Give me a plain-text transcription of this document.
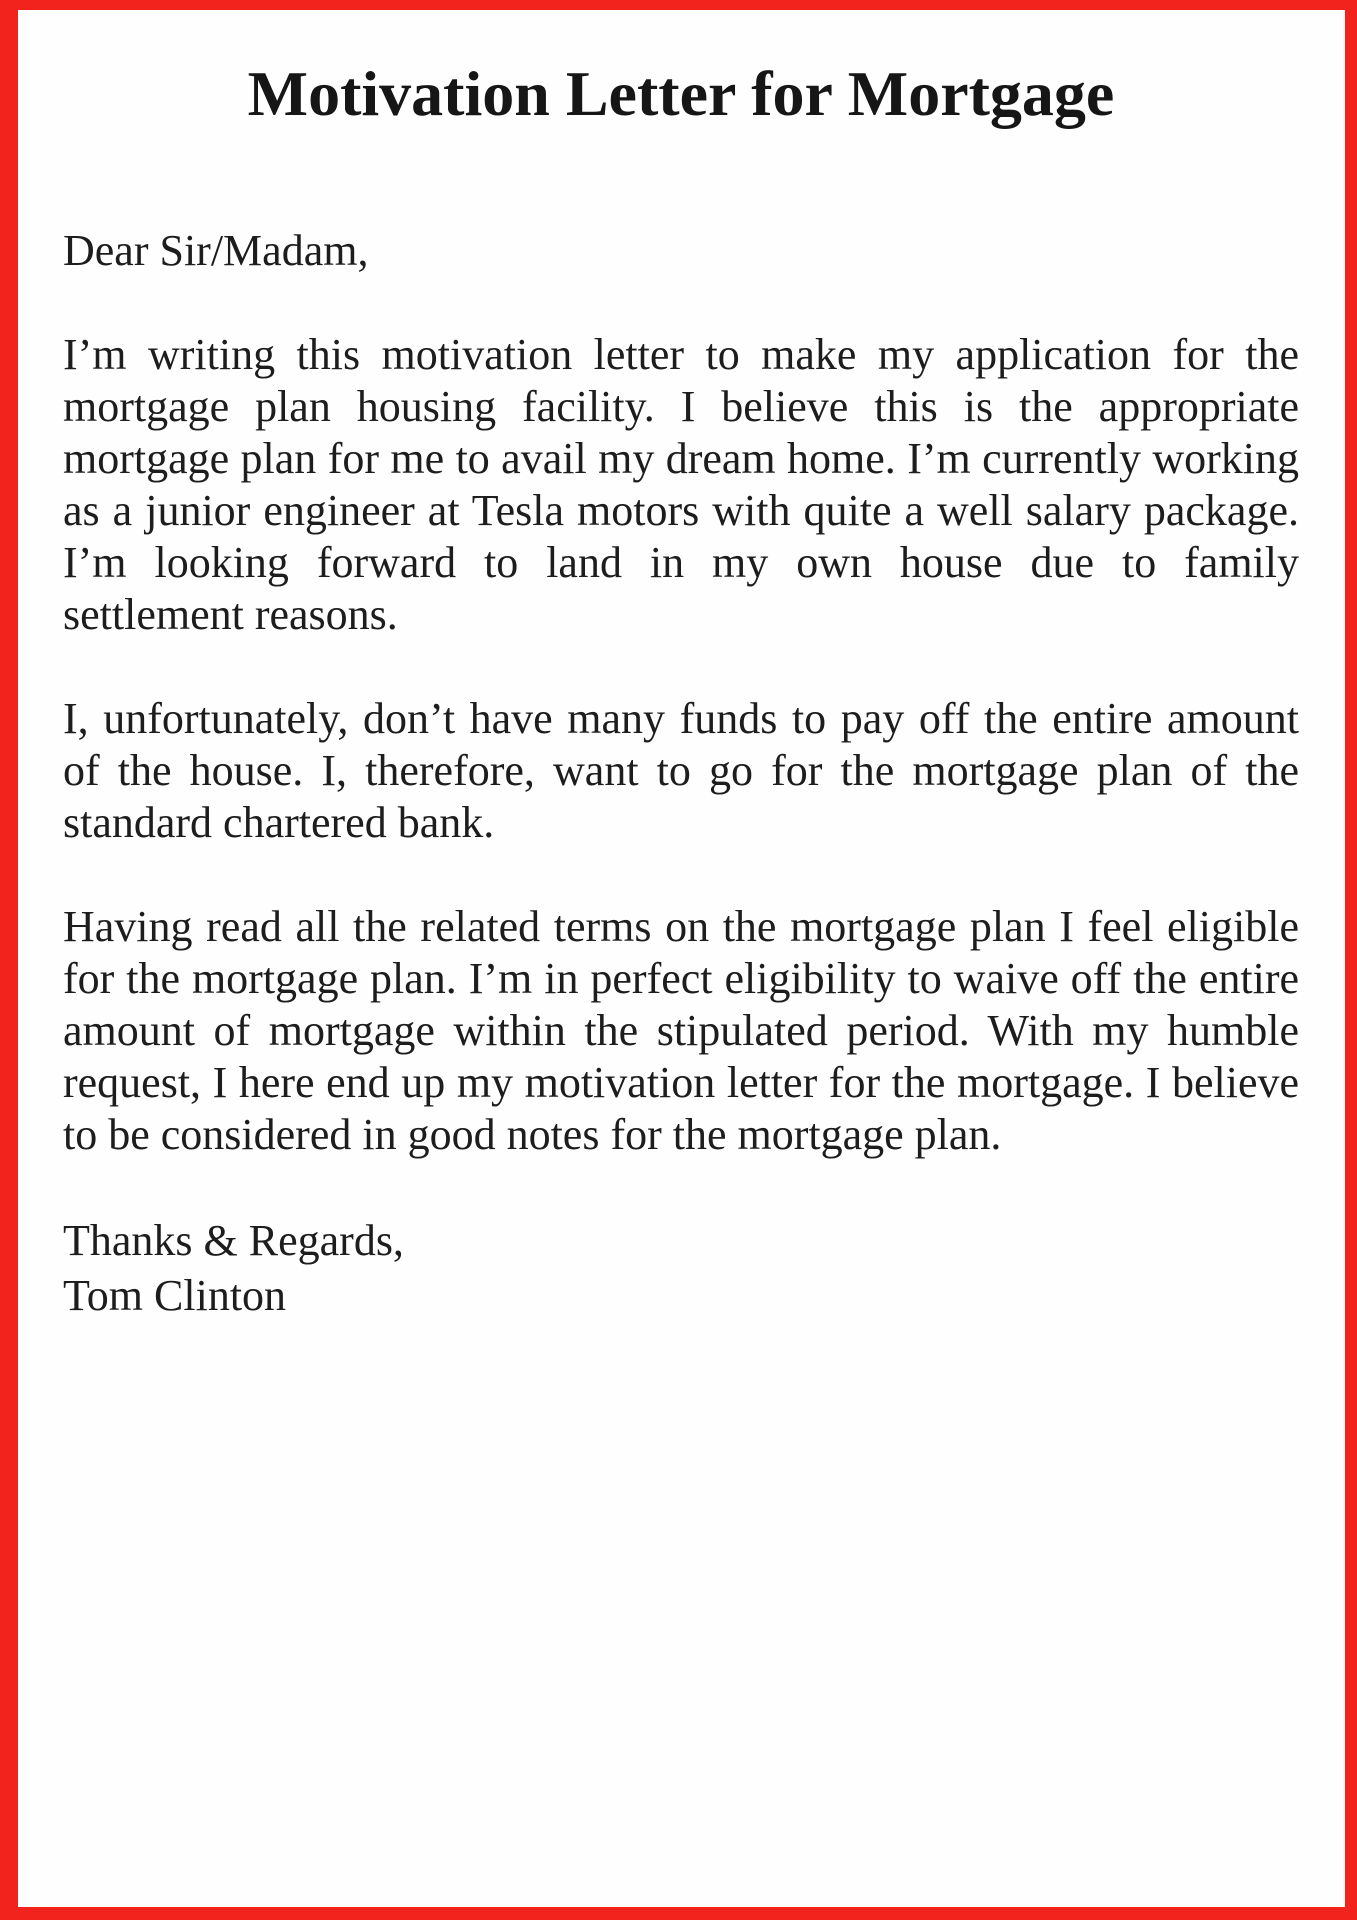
Motivation Letter for Mortgage

Dear Sir/Madam,

I’m writing this motivation letter to make my application for the mortgage plan housing facility. I believe this is the appropriate mortgage plan for me to avail my dream home. I’m currently working as a junior engineer at Tesla motors with quite a well salary package. I’m looking forward to land in my own house due to family settlement reasons.

I, unfortunately, don’t have many funds to pay off the entire amount of the house. I, therefore, want to go for the mortgage plan of the standard chartered bank.

Having read all the related terms on the mortgage plan I feel eligible for the mortgage plan. I’m in perfect eligibility to waive off the entire amount of mortgage within the stipulated period. With my humble request, I here end up my motivation letter for the mortgage. I believe to be considered in good notes for the mortgage plan.

Thanks & Regards,
Tom Clinton
